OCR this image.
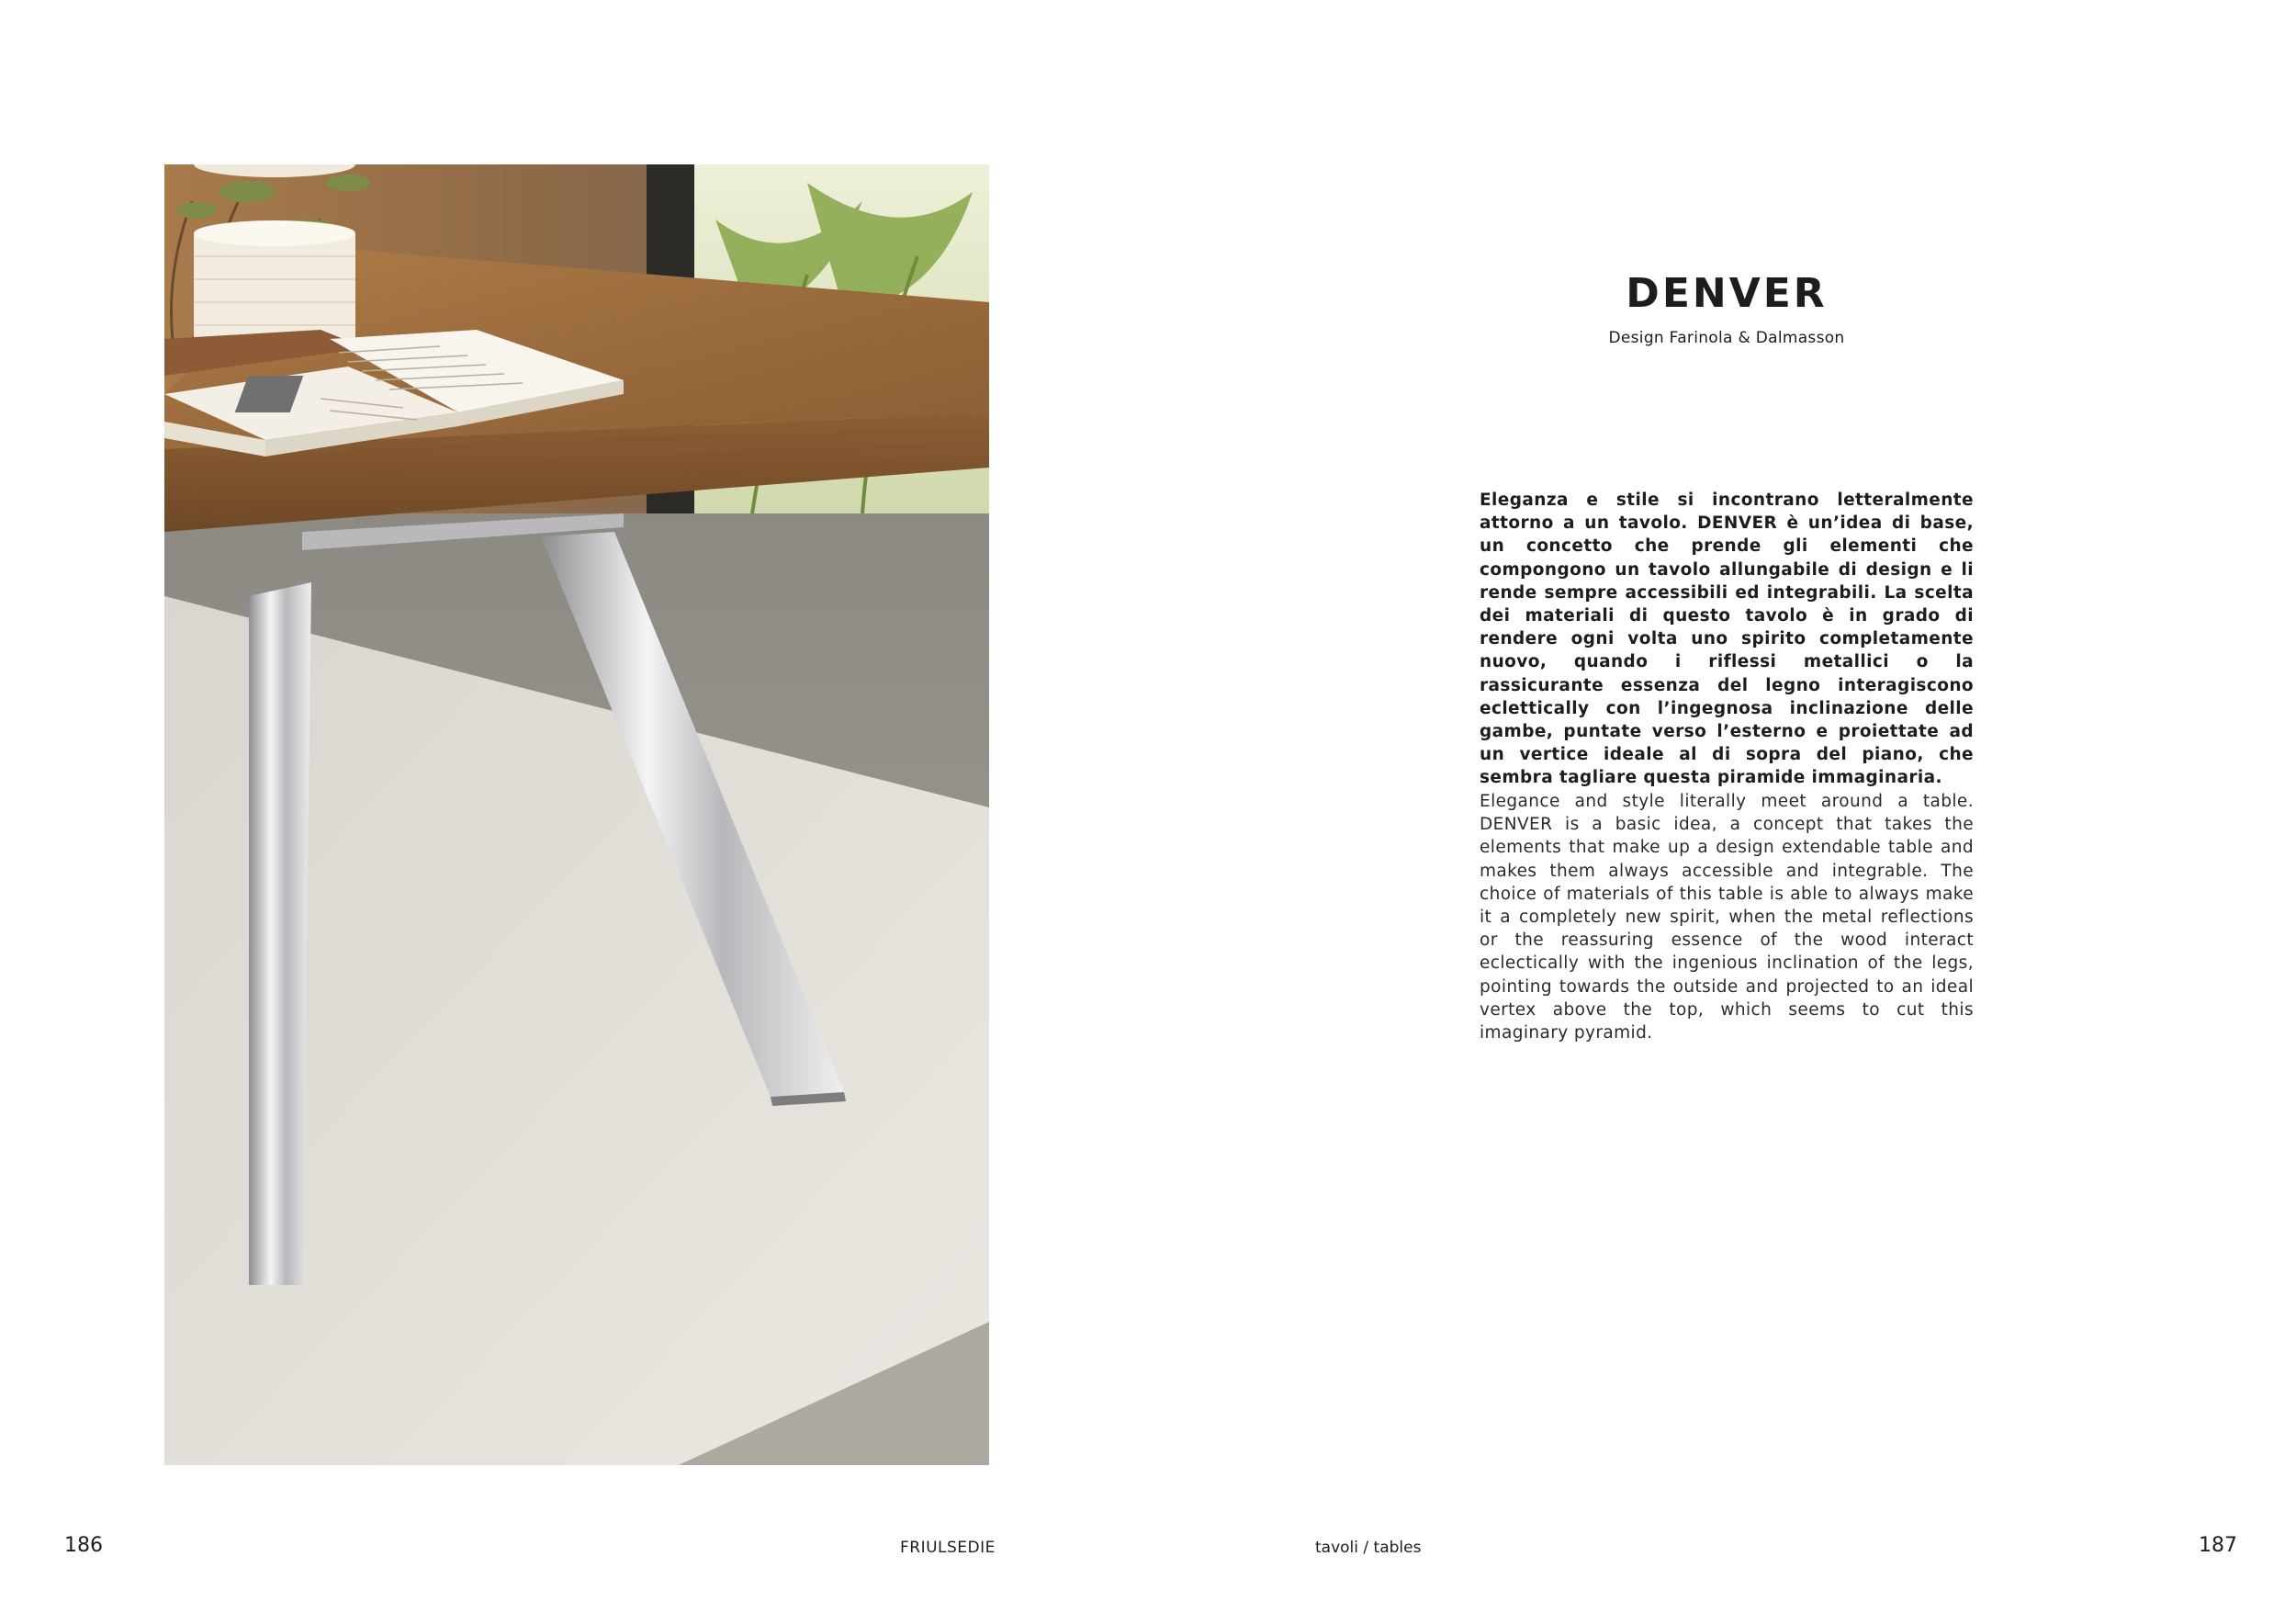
DENVER

Design Farinola & Dalmasson

Eleganza e stile si incontrano letteralmente attorno a un tavolo. DENVER è un’idea di base, un concetto che prende gli elementi che compongono un tavolo allungabile di design e li rende sempre accessibili ed integrabili. La scelta dei materiali di questo tavolo è in grado di rendere ogni volta uno spirito completamente nuovo, quando i riflessi metallici o la rassicurante essenza del legno interagiscono eclettically con l’ingegnosa inclinazione delle gambe, puntate verso l’esterno e proiettate ad un vertice ideale al di sopra del piano, che sembra tagliare questa piramide immaginaria.

Elegance and style literally meet around a table. DENVER is a basic idea, a concept that takes the elements that make up a design extendable table and makes them always accessible and integrable. The choice of materials of this table is able to always make it a completely new spirit, when the metal reflections or the reassuring essence of the wood interact eclectically with the ingenious inclination of the legs, pointing towards the outside and projected to an ideal vertex above the top, which seems to cut this imaginary pyramid.

186	FRIULSEDIE	tavoli / tables	187
